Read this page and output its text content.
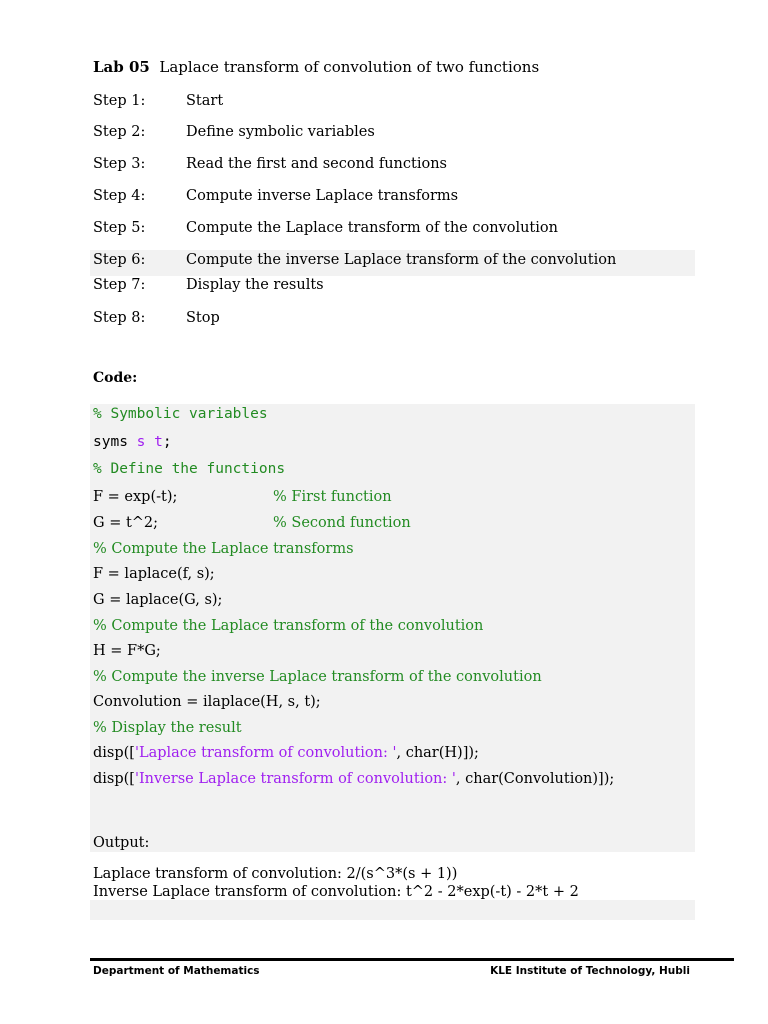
Lab 05 Laplace transform of convolution of two functions
Step 1:	Start
Step 2:	Define symbolic variables
Step 3:	Read the first and second functions
Step 4:	Compute inverse Laplace transforms
Step 5:	Compute the Laplace transform of the convolution
Step 6:	Compute the inverse Laplace transform of the convolution
Step 7:	Display the results
Step 8:	Stop
Code:
% Symbolic variables
syms s t;
% Define the functions
F = exp(-t);	% First function
G = t^2;	% Second function
% Compute the Laplace transforms
F = laplace(f, s);
G = laplace(G, s);
% Compute the Laplace transform of the convolution
H = F*G;
% Compute the inverse Laplace transform of the convolution
Convolution = ilaplace(H, s, t);
% Display the result
disp(['Laplace transform of convolution: ', char(H)]);
disp(['Inverse Laplace transform of convolution: ', char(Convolution)]);
Output:
Laplace transform of convolution: 2/(s^3*(s + 1))
Inverse Laplace transform of convolution: t^2 - 2*exp(-t) - 2*t + 2
Department of Mathematics	KLE Institute of Technology, Hubli
